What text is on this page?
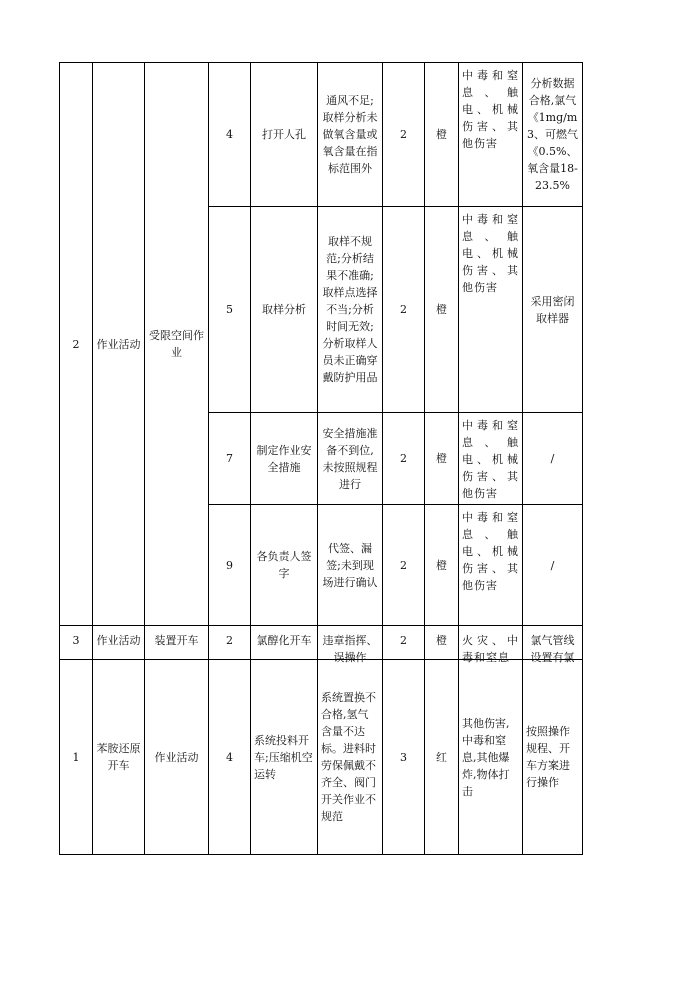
2	作业活动	受限空间作业	4	打开人孔	通风不足;取样分析未做氧含量或氧含量在指标范围外	2	橙	中毒和窒息、触电、机械伤害、其他伤害	分析数据合格,氯气《1mg/m3、可燃气《0.5%、氧含量18-23.5%
			5	取样分析	取样不规范;分析结果不准确;取样点选择不当;分析时间无效;分析取样人员未正确穿戴防护用品	2	橙	中毒和窒息、触电、机械伤害、其他伤害	采用密闭取样器
			7	制定作业安全措施	安全措施准备不到位,未按照规程进行	2	橙	中毒和窒息、触电、机械伤害、其他伤害	/
			9	各负责人签字	代签、漏签;未到现场进行确认	2	橙	中毒和窒息、触电、机械伤害、其他伤害	/

3	作业活动	装置开车	2	氯醇化开车	违章指挥、误操作	2	橙	火灾、中毒和窒息	氯气管线设置有氯

1	苯胺还原开车	作业活动	4	系统投料开车;压缩机空运转	系统置换不合格,氢气含量不达标。进料时劳保佩戴不齐全、阀门开关作业不规范	3	红	其他伤害,中毒和窒息,其他爆炸,物体打击	按照操作规程、开车方案进行操作
